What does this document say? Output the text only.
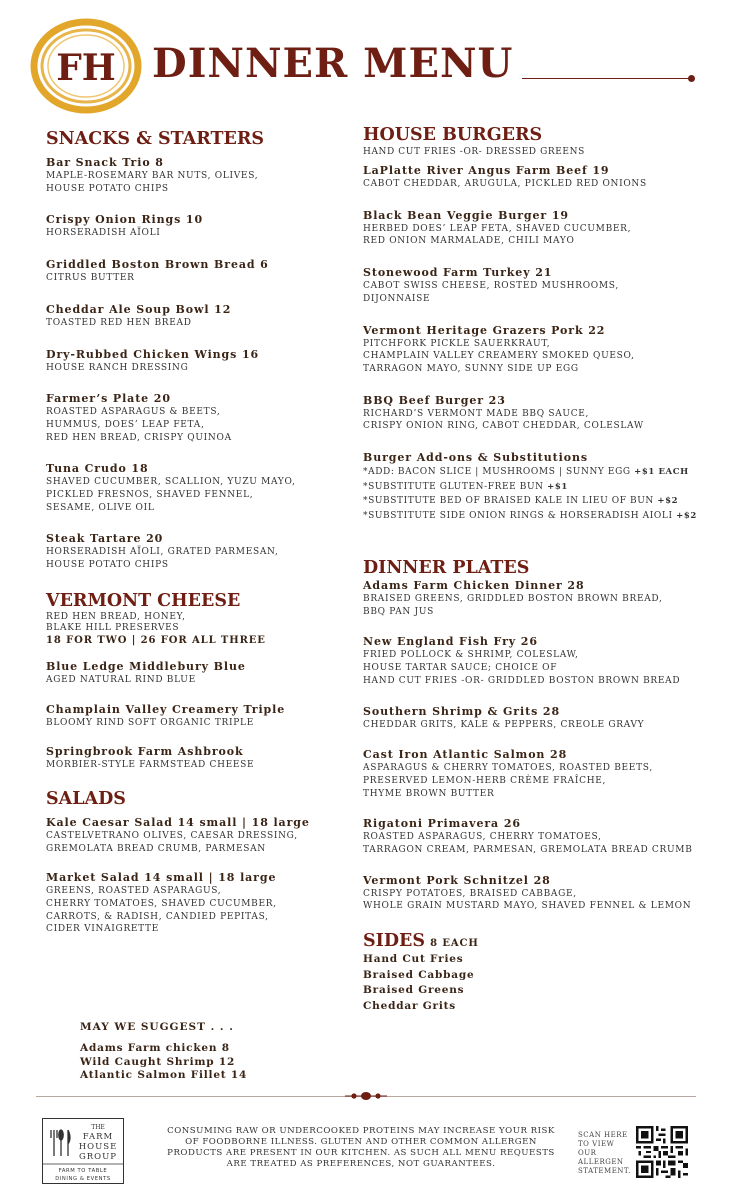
FH DINNER MENU
SNACKS & STARTERS
Bar Snack Trio 8
MAPLE-ROSEMARY BAR NUTS, OLIVES,
HOUSE POTATO CHIPS
Crispy Onion Rings 10
HORSERADISH AÏOLI
Griddled Boston Brown Bread 6
CITRUS BUTTER
Cheddar Ale Soup Bowl 12
TOASTED RED HEN BREAD
Dry-Rubbed Chicken Wings 16
HOUSE RANCH DRESSING
Farmer’s Plate 20
ROASTED ASPARAGUS & BEETS,
HUMMUS, DOES’ LEAP FETA,
RED HEN BREAD, CRISPY QUINOA
Tuna Crudo 18
SHAVED CUCUMBER, SCALLION, YUZU MAYO,
PICKLED FRESNOS, SHAVED FENNEL,
SESAME, OLIVE OIL
Steak Tartare 20
HORSERADISH AÏOLI, GRATED PARMESAN,
HOUSE POTATO CHIPS
VERMONT CHEESE
RED HEN BREAD, HONEY,
BLAKE HILL PRESERVES
18 FOR TWO | 26 FOR ALL THREE
Blue Ledge Middlebury Blue
AGED NATURAL RIND BLUE
Champlain Valley Creamery Triple
BLOOMY RIND SOFT ORGANIC TRIPLE
Springbrook Farm Ashbrook
MORBIER-STYLE FARMSTEAD CHEESE
SALADS
Kale Caesar Salad 14 small | 18 large
CASTELVETRANO OLIVES, CAESAR DRESSING,
GREMOLATA BREAD CRUMB, PARMESAN
Market Salad 14 small | 18 large
GREENS, ROASTED ASPARAGUS,
CHERRY TOMATOES, SHAVED CUCUMBER,
CARROTS, & RADISH, CANDIED PEPITAS,
CIDER VINAIGRETTE
MAY WE SUGGEST . . .
Adams Farm chicken 8
Wild Caught Shrimp 12
Atlantic Salmon Fillet 14
HOUSE BURGERS
HAND CUT FRIES -OR- DRESSED GREENS
LaPlatte River Angus Farm Beef 19
CABOT CHEDDAR, ARUGULA, PICKLED RED ONIONS
Black Bean Veggie Burger 19
HERBED DOES’ LEAP FETA, SHAVED CUCUMBER,
RED ONION MARMALADE, CHILI MAYO
Stonewood Farm Turkey 21
CABOT SWISS CHEESE, ROSTED MUSHROOMS,
DIJONNAISE
Vermont Heritage Grazers Pork 22
PITCHFORK PICKLE SAUERKRAUT,
CHAMPLAIN VALLEY CREAMERY SMOKED QUESO,
TARRAGON MAYO, SUNNY SIDE UP EGG
BBQ Beef Burger 23
RICHARD’S VERMONT MADE BBQ SAUCE,
CRISPY ONION RING, CABOT CHEDDAR, COLESLAW
Burger Add-ons & Substitutions
*ADD: BACON SLICE | MUSHROOMS | SUNNY EGG +$1 EACH
*SUBSTITUTE GLUTEN-FREE BUN +$1
*SUBSTITUTE BED OF BRAISED KALE IN LIEU OF BUN +$2
*SUBSTITUTE SIDE ONION RINGS & HORSERADISH AIOLI +$2
DINNER PLATES
Adams Farm Chicken Dinner 28
BRAISED GREENS, GRIDDLED BOSTON BROWN BREAD,
BBQ PAN JUS
New England Fish Fry 26
FRIED POLLOCK & SHRIMP, COLESLAW,
HOUSE TARTAR SAUCE; CHOICE OF
HAND CUT FRIES -OR- GRIDDLED BOSTON BROWN BREAD
Southern Shrimp & Grits 28
CHEDDAR GRITS, KALE & PEPPERS, CREOLE GRAVY
Cast Iron Atlantic Salmon 28
ASPARAGUS & CHERRY TOMATOES, ROASTED BEETS,
PRESERVED LEMON-HERB CRÈME FRAÎCHE,
THYME BROWN BUTTER
Rigatoni Primavera 26
ROASTED ASPARAGUS, CHERRY TOMATOES,
TARRAGON CREAM, PARMESAN, GREMOLATA BREAD CRUMB
Vermont Pork Schnitzel 28
CRISPY POTATOES, BRAISED CABBAGE,
WHOLE GRAIN MUSTARD MAYO, SHAVED FENNEL & LEMON
SIDES 8 EACH
Hand Cut Fries
Braised Cabbage
Braised Greens
Cheddar Grits
THE
FARM
HOUSE
GROUP
FARM TO TABLE
DINING & EVENTS
CONSUMING RAW OR UNDERCOOKED PROTEINS MAY INCREASE YOUR RISK OF FOODBORNE ILLNESS. GLUTEN AND OTHER COMMON ALLERGEN PRODUCTS ARE PRESENT IN OUR KITCHEN. AS SUCH ALL MENU REQUESTS ARE TREATED AS PREFERENCES, NOT GUARANTEES.
SCAN HERE TO VIEW OUR ALLERGEN STATEMENT.
